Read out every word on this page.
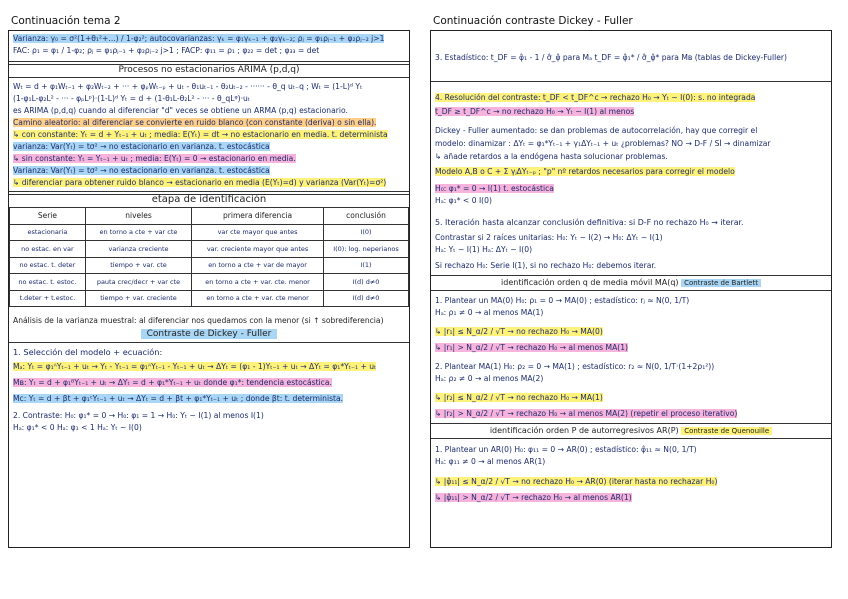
Continuación tema 2
Varianza: γ₀ = σ²(1+θ₁²+...) / 1-φ₂²; autocovarianzas: γₖ = φ₁γₖ₋₁ + φ₂γₖ₋₂; ρⱼ = φ₁ρⱼ₋₁ + φ₂ρⱼ₋₂ j>1
FAC: ρ₁ = φ₁ / 1-φ₂; ρⱼ = φ₁ρⱼ₋₁ + φ₂ρⱼ₋₂ j>1 ; FACP: φ₁₁ = ρ₁ ; φ₂₂ = det ; φ₃₃ = det
Procesos no estacionarios ARIMA (p,d,q)
Wₜ = d + φ₁Wₜ₋₁ + φ₂Wₜ₋₂ + ··· + φₚWₜ₋ₚ + uₜ - θ₁uₜ₋₁ - θ₂uₜ₋₂ - ······ - θ_q uₜ₋q ; Wₜ = (1-L)ᵈ Yₜ
(1-φ₁L-φ₂L² - ··· - φₚLᵖ)·(1-L)ᵈ Yₜ = d + (1-θ₁L-θ₂L² - ··· - θ_qLᵠ)·uₜ
es ARIMA (p,d,q) cuando al diferenciar "d" veces se obtiene un ARMA (p,q) estacionario.
Camino aleatorio: al diferenciar se convierte en ruido blanco (con constante (deriva) o sin ella).
↳ con constante: Yₜ = d + Yₜ₋₁ + uₜ ; media: E(Yₜ) = dt → no estacionario en media. t. determinista
varianza: Var(Yₜ) = tσ² → no estacionario en varianza. t. estocástica
↳ sin constante: Yₜ = Yₜ₋₁ + uₜ ; media: E(Yₜ) = 0 → estacionario en media.
Varianza: Var(Yₜ) = tσ² → no estacionario en varianza. t. estocástica
↳ diferenciar para obtener ruido blanco → estacionario en media (E(Yₜ)=d) y varianza (Var(Yₜ)=σ²)
etapa de identificación
Serie	niveles	primera diferencia	conclusión
estacionaria	en torno a cte + var cte	var cte mayor que antes	I(0)
no estac. en var	varianza creciente	var. creciente mayor que antes	I(0): log. neperianos
no estac. t. deter	tiempo + var. cte	en torno a cte + var de mayor	I(1)
no estac. t. estoc.	pauta crec/decr + var cte	en torno a cte + var. cte. menor	I(d) d≠0
t.deter + t.estoc.	tiempo + var. creciente	en torno a cte + var. cte menor	I(d) d≠0
Análisis de la varianza muestral: al diferenciar nos quedamos con la menor (si ↑ sobrediferencia)
Contraste de Dickey - Fuller
1. Selección del modelo + ecuación:
Mₐ: Yₜ = φ₁ᴬYₜ₋₁ + uₜ → Yₜ - Yₜ₋₁ = φ₁ᴬYₜ₋₁ - Yₜ₋₁ + uₜ → ΔYₜ = (φ₁ - 1)Yₜ₋₁ + uₜ → ΔYₜ = φ₁*Yₜ₋₁ + uₜ
Mʙ: Yₜ = d + φ₁ᴮYₜ₋₁ + uₜ → ΔYₜ = d + φ₁*Yₜ₋₁ + uₜ donde φ₁*: tendencia estocástica.
Mc: Yₜ = d + βt + φ₁ᶜYₜ₋₁ + uₜ → ΔYₜ = d + βt + φ₁*Yₜ₋₁ + uₜ ; donde βt: t. determinista.
2. Contraste: H₀: φ₁* = 0 → H₀: φ₁ = 1 → H₀: Yₜ ~ I(1) al menos I(1)
Hₐ: φ₁* < 0 Hₐ: φ₁ < 1 Hₐ: Yₜ ~ I(0)
Continuación contraste Dickey - Fuller
3. Estadístico: t_DF = φ̂₁ - 1 / σ̂_φ̂ para Mₐ t_DF = φ̂₁* / σ̂_φ̂* para Mʙ (tablas de Dickey-Fuller)
4. Resolución del contraste: t_DF < t_DF^c → rechazo H₀ → Yₜ ~ I(0): s. no integrada
t_DF ≥ t_DF^c → no rechazo H₀ → Yₜ ~ I(1) al menos
Dickey - Fuller aumentado: se dan problemas de autocorrelación, hay que corregir el
modelo: dinamizar : ΔYₜ = φ₁*Yₜ₋₁ + γ₁ΔYₜ₋₁ + uₜ ¿problemas? NO → D-F / SÍ → dinamizar
↳ añade retardos a la endógena hasta solucionar problemas.
Modelo A,B o C + Σ γⱼΔYₜ₋ₚ ; "p" nº retardos necesarios para corregir el modelo
H₀: φ₁* = 0 → I(1) t. estocástica
Hₐ: φ₁* < 0 I(0)
5. Iteración hasta alcanzar conclusión definitiva: si D-F no rechazo H₀ → iterar.
Contrastar si 2 raíces unitarias: H₀: Yₜ ~ I(2) → H₀: ΔYₜ ~ I(1)
Hₐ: Yₜ ~ I(1) Hₐ: ΔYₜ ~ I(0)
Si rechazo H₀: Serie I(1), si no rechazo H₀: debemos iterar.
identificación orden q de media móvil MA(q) Contraste de Bartlett
1. Plantear un MA(0) H₀: ρ₁ = 0 → MA(0) ; estadístico: rⱼ ≈ N(0, 1/T)
Hₐ: ρ₁ ≠ 0 → al menos MA(1)
↳ |r₁| ≤ N_α/2 / √T → no rechazo H₀ → MA(0)
↳ |r₁| > N_α/2 / √T → rechazo H₀ → al menos MA(1)
2. Plantear MA(1) H₀: ρ₂ = 0 → MA(1) ; estadístico: r₂ ≈ N(0, 1/T·(1+2ρ₁²))
Hₐ: ρ₂ ≠ 0 → al menos MA(2)
↳ |r₂| ≤ N_α/2 / √T → no rechazo H₀ → MA(1)
↳ |r₂| > N_α/2 / √T → rechazo H₀ → al menos MA(2) (repetir el proceso iterativo)
identificación orden P de autorregresivos AR(P) Contraste de Quenouille
1. Plantear un AR(0) H₀: φ₁₁ = 0 → AR(0) ; estadístico: φ̂₁₁ ≈ N(0, 1/T)
Hₐ: φ₁₁ ≠ 0 → al menos AR(1)
↳ |φ̂₁₁| ≤ N_α/2 / √T → no rechazo H₀ → AR(0) (iterar hasta no rechazar H₀)
↳ |φ̂₁₁| > N_α/2 / √T → rechazo H₀ → al menos AR(1)
